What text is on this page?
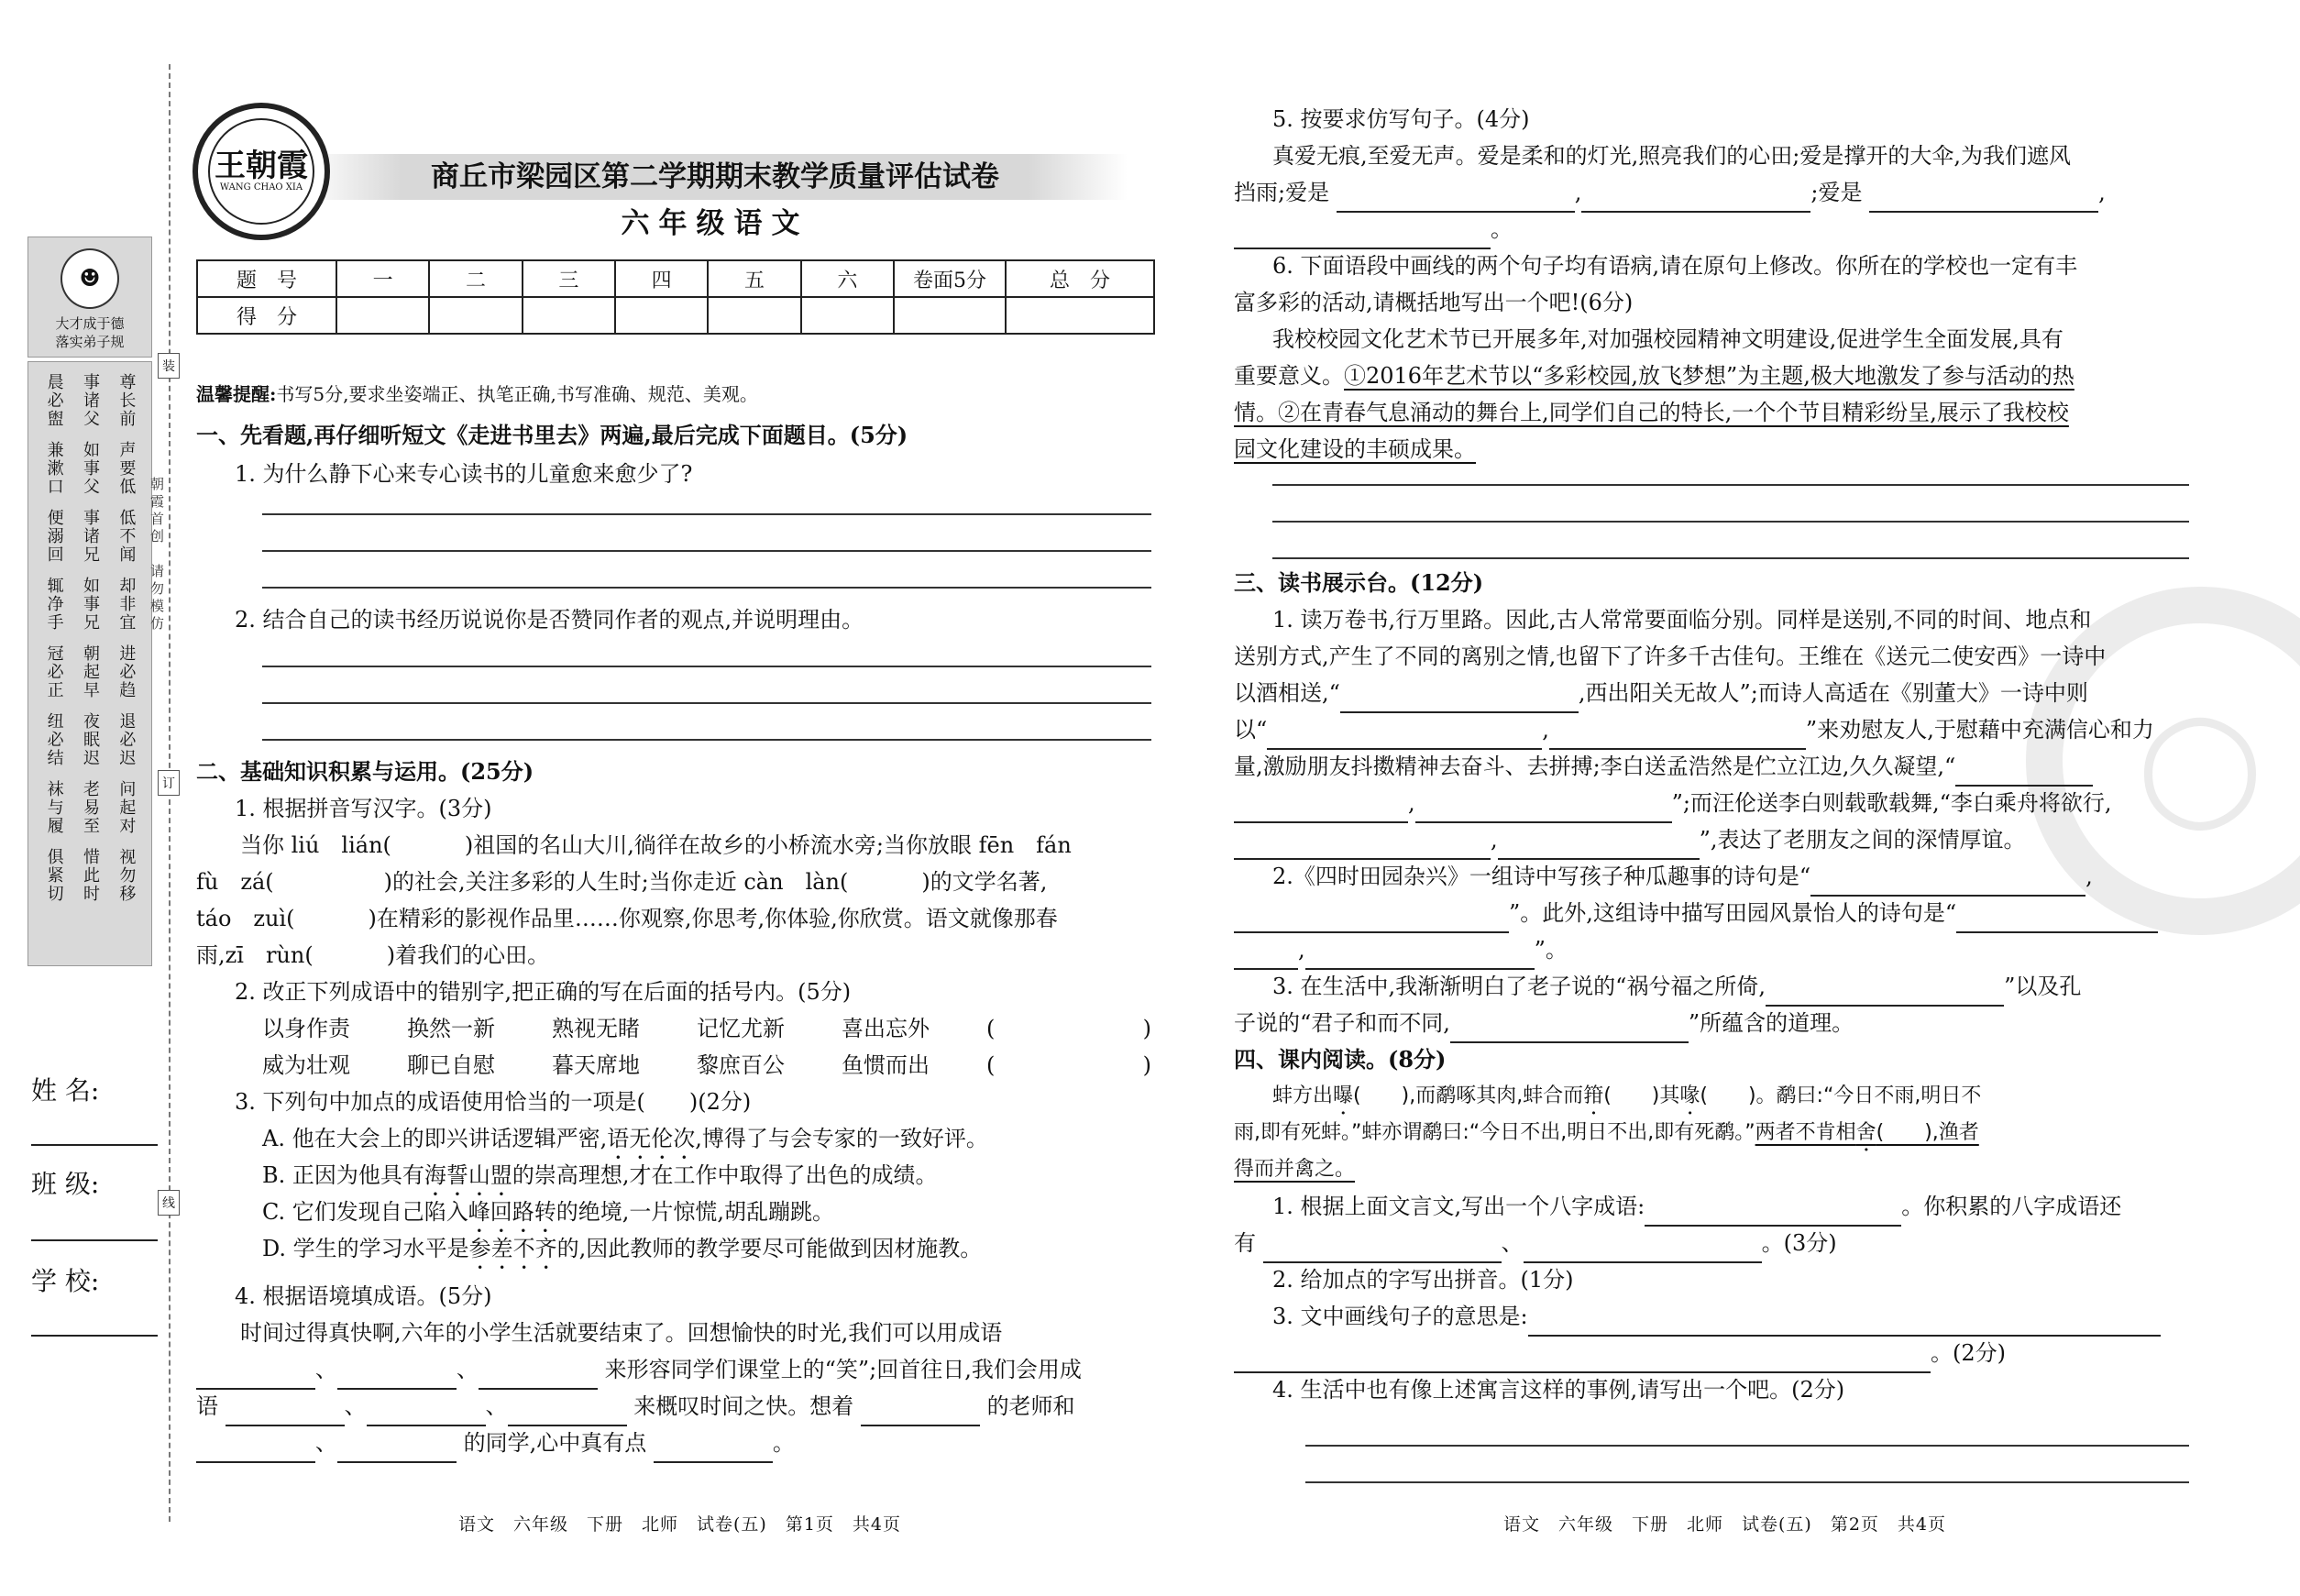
☻
大才成于德
落实弟子规
晨必盥 事诸父 尊长前
兼漱口 如事父 声要低
便溺回 事诸兄 低不闻
辄净手 如事兄 却非宜
冠必正 朝起早 进必趋
纽必结 夜眠迟 退必迟
袜与履 老易至 问起对
俱紧切 惜此时 视勿移
朝霞首创　请勿模仿
装
订
线
姓 名:
班 级:
学 校:
王朝霞
WANG CHAO XIA	商丘市梁园区第二学期期末教学质量评估试卷
六年级语文
题　号	一	二	三	四	五	六	卷面5分	总　分
得　分								
温馨提醒:书写5分,要求坐姿端正、执笔正确,书写准确、规范、美观。
一、先看题,再仔细听短文《走进书里去》两遍,最后完成下面题目。(5分)
1. 为什么静下心来专心读书的儿童愈来愈少了?
2. 结合自己的读书经历说说你是否赞同作者的观点,并说明理由。
二、基础知识积累与运用。(25分)
1. 根据拼音写汉字。(3分)
当你 liú　lián(	)祖国的名山大川,徜徉在故乡的小桥流水旁;当你放眼 fēn　fán
fù　zá(	)的社会,关注多彩的人生时;当你走近 càn　làn(	)的文学名著,
táo　zuì(	)在精彩的影视作品里……你观察,你思考,你体验,你欣赏。语文就像那春
雨,zī　rùn(	)着我们的心田。
2. 改正下列成语中的错别字,把正确的写在后面的括号内。(5分)
以身作责	换然一新	熟视无睹	记忆尤新	喜出忘外	(	)
威为壮观	聊已自慰	暮天席地	黎庶百公	鱼惯而出	(	)
3. 下列句中加点的成语使用恰当的一项是(　　)(2分)
A. 他在大会上的即兴讲话逻辑严密,语无伦次,博得了与会专家的一致好评。
B. 正因为他具有海誓山盟的崇高理想,才在工作中取得了出色的成绩。
C. 它们发现自己陷入峰回路转的绝境,一片惊慌,胡乱蹦跳。
D. 学生的学习水平是参差不齐的,因此教师的教学要尽可能做到因材施教。
4. 根据语境填成语。(5分)
时间过得真快啊,六年的小学生活就要结束了。回想愉快的时光,我们可以用成语
、	、	来形容同学们课堂上的“笑”;回首往日,我们会用成
语	、	、	来概叹时间之快。想着	的老师和
、	的同学,心中真有点	。
语文　六年级　下册　北师　试卷(五)　第1页　共4页
○
5. 按要求仿写句子。(4分)
真爱无痕,至爱无声。爱是柔和的灯光,照亮我们的心田;爱是撑开的大伞,为我们遮风
挡雨;爱是	,	;爱是	,
。
6. 下面语段中画线的两个句子均有语病,请在原句上修改。你所在的学校也一定有丰
富多彩的活动,请概括地写出一个吧!(6分)
我校校园文化艺术节已开展多年,对加强校园精神文明建设,促进学生全面发展,具有
重要意义。①2016年艺术节以“多彩校园,放飞梦想”为主题,极大地激发了参与活动的热
情。②在青春气息涌动的舞台上,同学们自己的特长,一个个节目精彩纷呈,展示了我校校
园文化建设的丰硕成果。
三、读书展示台。(12分)
1. 读万卷书,行万里路。因此,古人常常要面临分别。同样是送别,不同的时间、地点和
送别方式,产生了不同的离别之情,也留下了许多千古佳句。王维在《送元二使安西》一诗中
以酒相送,“	,西出阳关无故人”;而诗人高适在《别董大》一诗中则
以“	,	”来劝慰友人,于慰藉中充满信心和力
量,激励朋友抖擞精神去奋斗、去拼搏;李白送孟浩然是伫立江边,久久凝望,“
,	”;而汪伦送李白则载歌载舞,“李白乘舟将欲行,
,	”,表达了老朋友之间的深情厚谊。
2.《四时田园杂兴》一组诗中写孩子种瓜趣事的诗句是“	,
”。此外,这组诗中描写田园风景怡人的诗句是“
,	”。
3. 在生活中,我渐渐明白了老子说的“祸兮福之所倚,	”以及孔
子说的“君子和而不同,	”所蕴含的道理。
四、课内阅读。(8分)
蚌方出曝(　　),而鹬啄其肉,蚌合而箝(　　)其喙(　　)。鹬曰:“今日不雨,明日不
雨,即有死蚌。”蚌亦谓鹬曰:“今日不出,明日不出,即有死鹬。”两者不肯相舍(　　),渔者
得而并禽之。
1. 根据上面文言文,写出一个八字成语:	。你积累的八字成语还
有	、	。(3分)
2. 给加点的字写出拼音。(1分)
3. 文中画线句子的意思是:
。(2分)
4. 生活中也有像上述寓言这样的事例,请写出一个吧。(2分)
语文　六年级　下册　北师　试卷(五)　第2页　共4页
